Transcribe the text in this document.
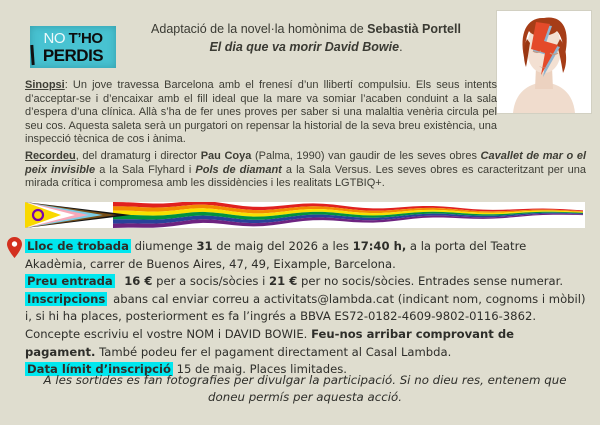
NO T’HO
PERDIS
Adaptació de la novel·la homònima de Sebastià Portell
El dia que va morir David Bowie.

Sinopsi: Un jove travessa Barcelona amb el frenesí d’un llibertí compulsiu. Els seus intents d’acceptar-se i d’encaixar amb el fill ideal que la mare va somiar l’acaben conduint a la sala d’espera d’una clínica. Allà s’ha de fer unes proves per saber si una malaltia venèria circula pel seu cos. Aquesta saleta serà un purgatori on repensar la historial de la seva breu existència, una inspecció tècnica de cos i ànima.

Recordeu, del dramaturg i director Pau Coya (Palma, 1990) van gaudir de les seves obres Cavallet de mar o el peix invisible a la Sala Flyhard i Pols de diamant a la Sala Versus. Les seves obres es caracteritzant per una mirada crítica i compromesa amb les dissidències i les realitats LGTBIQ+.

Lloc de trobada diumenge 31 de maig del 2026 a les 17:40 h, a la porta del Teatre Akadèmia, carrer de Buenos Aires, 47, 49, Eixample, Barcelona.

Preu entrada  16 € per a socis/sòcies i 21 € per no socis/sòcies. Entrades sense numerar.

Inscripcions abans cal enviar correu a activitats@lambda.cat (indicant nom, cognoms i mòbil) i, si hi ha places, posteriorment es fa l’ingrés a BBVA ES72-0182-4609-9802-0116-3862. Concepte escriviu el vostre NOM i DAVID BOWIE. Feu-nos arribar comprovant de pagament. També podeu fer el pagament directament al Casal Lambda.

Data límit d’inscripció 15 de maig. Places limitades.

A les sortides es fan fotografies per divulgar la participació. Si no dieu res, entenem que doneu permís per aquesta acció.
